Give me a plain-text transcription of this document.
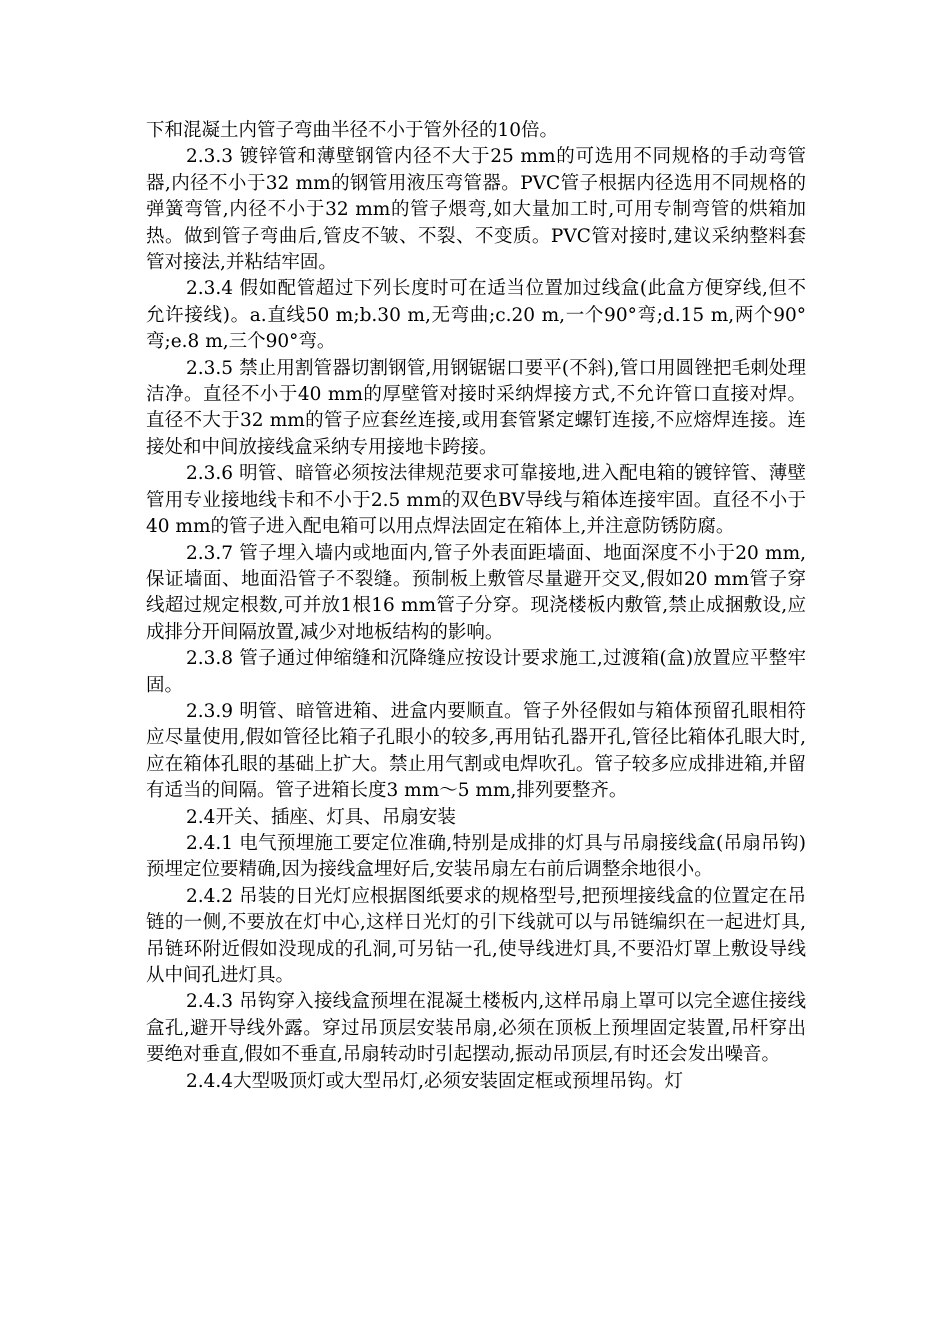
下和混凝土内管子弯曲半径不小于管外径的10倍。

2.3.3 镀锌管和薄壁钢管内径不大于25 mm的可选用不同规格的手动弯管器,内径不小于32 mm的钢管用液压弯管器。PVC管子根据内径选用不同规格的弹簧弯管,内径不小于32 mm的管子煨弯,如大量加工时,可用专制弯管的烘箱加热。做到管子弯曲后,管皮不皱、不裂、不变质。PVC管对接时,建议采纳整料套管对接法,并粘结牢固。

2.3.4 假如配管超过下列长度时可在适当位置加过线盒(此盒方便穿线,但不允许接线)。a.直线50 m;b.30 m,无弯曲;c.20 m,一个90°弯;d.15 m,两个90°弯;e.8 m,三个90°弯。

2.3.5 禁止用割管器切割钢管,用钢锯锯口要平(不斜),管口用圆锉把毛刺处理洁净。直径不小于40 mm的厚壁管对接时采纳焊接方式,不允许管口直接对焊。直径不大于32 mm的管子应套丝连接,或用套管紧定螺钉连接,不应熔焊连接。连接处和中间放接线盒采纳专用接地卡跨接。

2.3.6 明管、暗管必须按法律规范要求可靠接地,进入配电箱的镀锌管、薄壁管用专业接地线卡和不小于2.5 mm的双色BV导线与箱体连接牢固。直径不小于40 mm的管子进入配电箱可以用点焊法固定在箱体上,并注意防锈防腐。

2.3.7 管子埋入墙内或地面内,管子外表面距墙面、地面深度不小于20 mm,保证墙面、地面沿管子不裂缝。预制板上敷管尽量避开交叉,假如20 mm管子穿线超过规定根数,可并放1根16 mm管子分穿。现浇楼板内敷管,禁止成捆敷设,应成排分开间隔放置,减少对地板结构的影响。

2.3.8 管子通过伸缩缝和沉降缝应按设计要求施工,过渡箱(盒)放置应平整牢固。

2.3.9 明管、暗管进箱、进盒内要顺直。管子外径假如与箱体预留孔眼相符应尽量使用,假如管径比箱子孔眼小的较多,再用钻孔器开孔,管径比箱体孔眼大时,应在箱体孔眼的基础上扩大。禁止用气割或电焊吹孔。管子较多应成排进箱,并留有适当的间隔。管子进箱长度3 mm～5 mm,排列要整齐。

2.4开关、插座、灯具、吊扇安装

2.4.1 电气预埋施工要定位准确,特别是成排的灯具与吊扇接线盒(吊扇吊钩)预埋定位要精确,因为接线盒埋好后,安装吊扇左右前后调整余地很小。

2.4.2 吊装的日光灯应根据图纸要求的规格型号,把预埋接线盒的位置定在吊链的一侧,不要放在灯中心,这样日光灯的引下线就可以与吊链编织在一起进灯具,吊链环附近假如没现成的孔洞,可另钻一孔,使导线进灯具,不要沿灯罩上敷设导线从中间孔进灯具。

2.4.3 吊钩穿入接线盒预埋在混凝土楼板内,这样吊扇上罩可以完全遮住接线盒孔,避开导线外露。穿过吊顶层安装吊扇,必须在顶板上预埋固定装置,吊杆穿出要绝对垂直,假如不垂直,吊扇转动时引起摆动,振动吊顶层,有时还会发出噪音。

2.4.4大型吸顶灯或大型吊灯,必须安装固定框或预埋吊钩。灯
